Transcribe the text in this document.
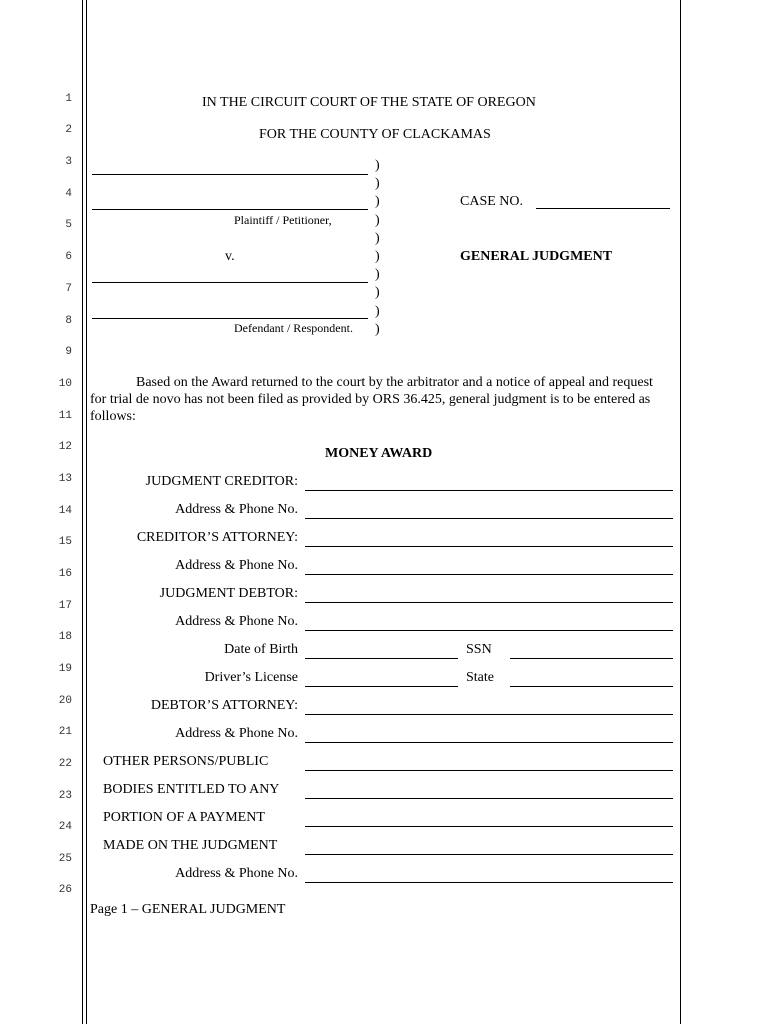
1
2
3
4
5
6
7
8
9
10
11
12
13
14
15
16
17
18
19
20
21
22
23
24
25
26
IN THE CIRCUIT COURT OF THE STATE OF OREGON
FOR THE COUNTY OF CLACKAMAS
Plaintiff / Petitioner,
v.
Defendant / Respondent.
)
)
)
)
)
)
)
)
)
)
CASE NO.
GENERAL JUDGMENT
Based on the Award returned to the court by the arbitrator and a notice of appeal and request for trial de novo has not been filed as provided by ORS 36.425, general judgment is to be entered as follows:
MONEY AWARD
JUDGMENT CREDITOR:
Address & Phone No.
CREDITOR’S ATTORNEY:
Address & Phone No.
JUDGMENT DEBTOR:
Address & Phone No.
Date of Birth	SSN
Driver’s License	State
DEBTOR’S ATTORNEY:
Address & Phone No.
OTHER PERSONS/PUBLIC
BODIES ENTITLED TO ANY
PORTION OF A PAYMENT
MADE ON THE JUDGMENT
Address & Phone No.
Page 1 – GENERAL JUDGMENT
